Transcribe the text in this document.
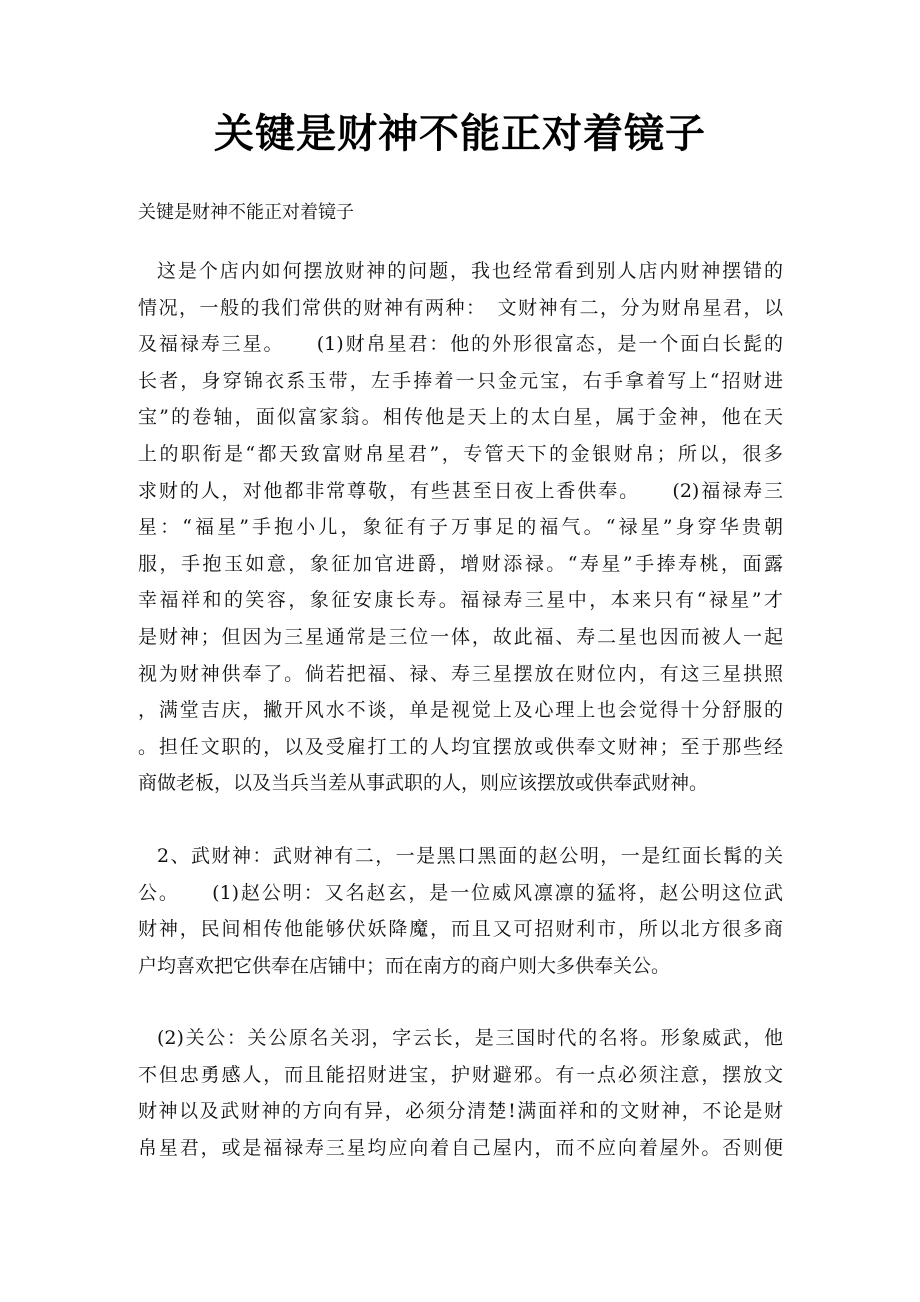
关键是财神不能正对着镜子

关键是财神不能正对着镜子

这是个店内如何摆放财神的问题，我也经常看到别人店内财神摆错的
情况，一般的我们常供的财神有两种：　文财神有二，分为财帛星君，以
及福禄寿三星。　　(1)财帛星君：他的外形很富态，是一个面白长髭的
长者，身穿锦衣系玉带，左手捧着一只金元宝，右手拿着写上“招财进
宝”的卷轴，面似富家翁。相传他是天上的太白星，属于金神，他在天
上的职衔是“都天致富财帛星君”，专管天下的金银财帛；所以，很多
求财的人，对他都非常尊敬，有些甚至日夜上香供奉。　　(2)福禄寿三
星：“福星”手抱小儿，象征有子万事足的福气。“禄星”身穿华贵朝
服，手抱玉如意，象征加官进爵，增财添禄。“寿星”手捧寿桃，面露
幸福祥和的笑容，象征安康长寿。福禄寿三星中，本来只有“禄星”才
是财神；但因为三星通常是三位一体，故此福、寿二星也因而被人一起
视为财神供奉了。倘若把福、禄、寿三星摆放在财位内，有这三星拱照
，满堂吉庆，撇开风水不谈，单是视觉上及心理上也会觉得十分舒服的
。担任文职的，以及受雇打工的人均宜摆放或供奉文财神；至于那些经
商做老板，以及当兵当差从事武职的人，则应该摆放或供奉武财神。
2、武财神：武财神有二，一是黑口黑面的赵公明，一是红面长髯的关
公。　　(1)赵公明：又名赵玄，是一位威风凛凛的猛将，赵公明这位武
财神，民间相传他能够伏妖降魔，而且又可招财利市，所以北方很多商
户均喜欢把它供奉在店铺中；而在南方的商户则大多供奉关公。
(2)关公：关公原名关羽，字云长，是三国时代的名将。形象威武，他
不但忠勇感人，而且能招财进宝，护财避邪。有一点必须注意，摆放文
财神以及武财神的方向有异，必须分清楚!满面祥和的文财神，不论是财
帛星君，或是福禄寿三星均应向着自己屋内，而不应向着屋外。否则便
